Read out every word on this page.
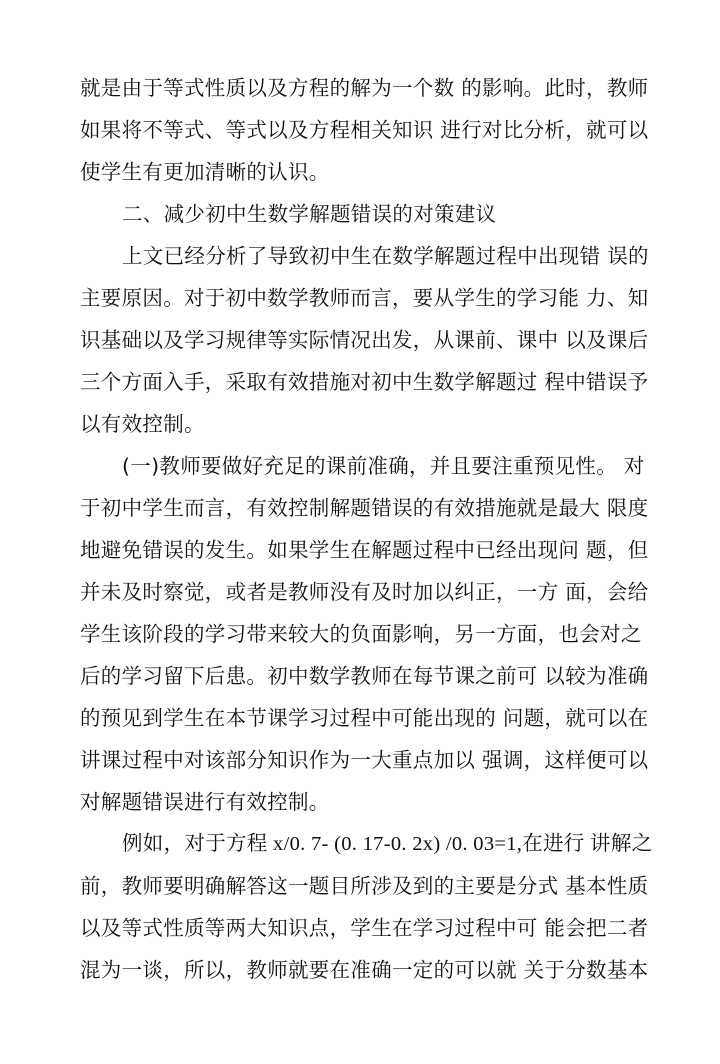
就是由于等式性质以及方程的解为一个数 的影响。此时，教师
如果将不等式、等式以及方程相关知识 进行对比分析，就可以
使学生有更加清晰的认识。
二、减少初中生数学解题错误的对策建议
上文已经分析了导致初中生在数学解题过程中出现错 误的
主要原因。对于初中数学教师而言，要从学生的学习能 力、知
识基础以及学习规律等实际情况出发，从课前、课中 以及课后
三个方面入手，采取有效措施对初中生数学解题过 程中错误予
以有效控制。
(一)教师要做好充足的课前准确，并且要注重预见性。 对
于初中学生而言，有效控制解题错误的有效措施就是最大 限度
地避免错误的发生。如果学生在解题过程中已经出现问 题，但
并未及时察觉，或者是教师没有及时加以纠正，一方 面，会给
学生该阶段的学习带来较大的负面影响，另一方面，也会对之
后的学习留下后患。初中数学教师在每节课之前可 以较为准确
的预见到学生在本节课学习过程中可能出现的 问题，就可以在
讲课过程中对该部分知识作为一大重点加以 强调，这样便可以
对解题错误进行有效控制。
例如，对于方程 x/0. 7- (0. 17-0. 2x) /0. 03=1,在进行 讲解之
前，教师要明确解答这一题目所涉及到的主要是分式 基本性质
以及等式性质等两大知识点，学生在学习过程中可 能会把二者
混为一谈，所以，教师就要在准确一定的可以就 关于分数基本
